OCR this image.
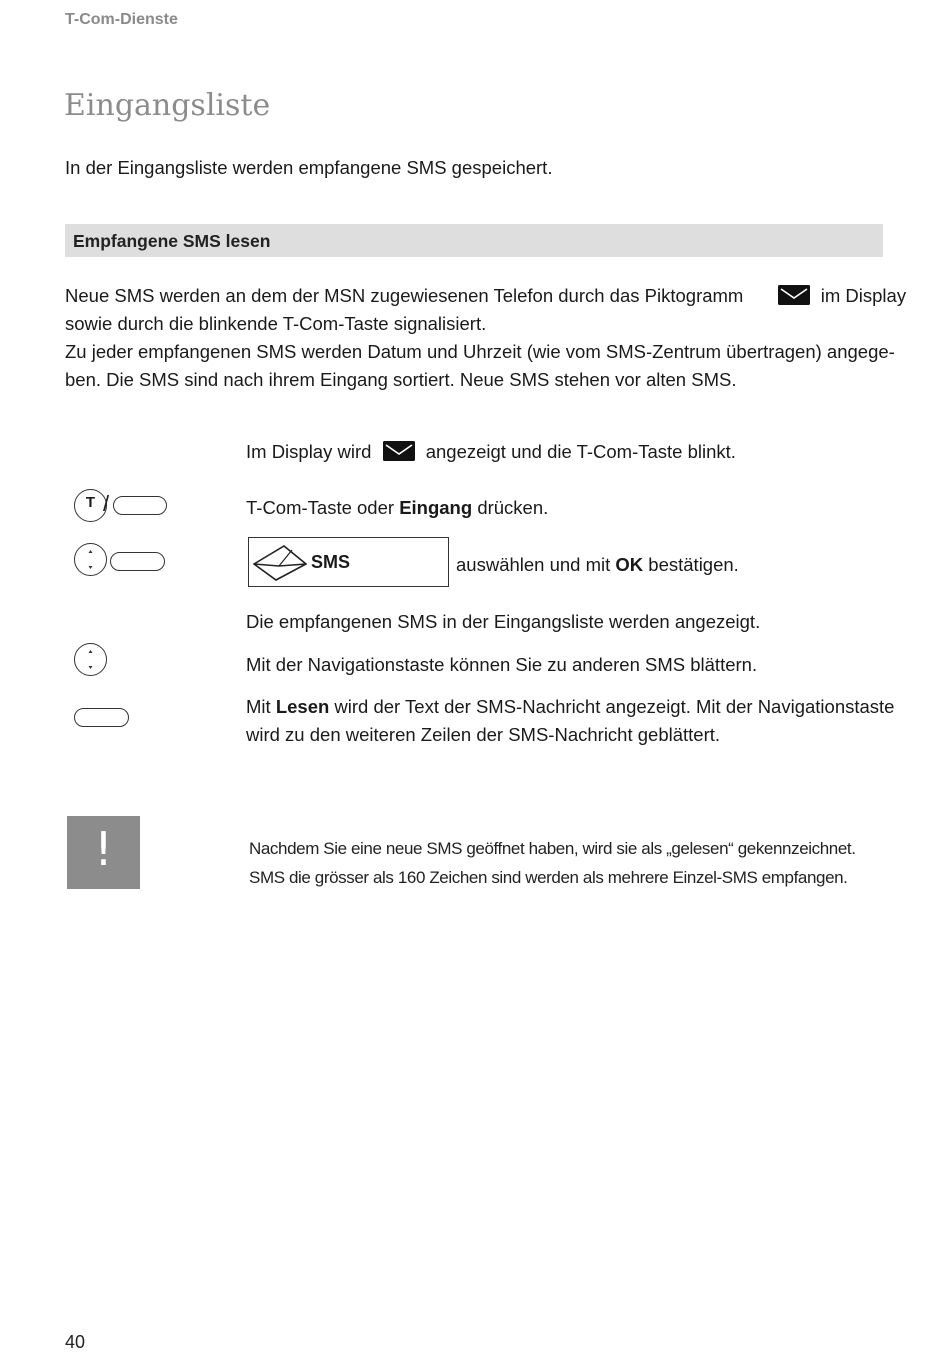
T-Com-Dienste
Eingangsliste
In der Eingangsliste werden empfangene SMS gespeichert.
Empfangene SMS lesen
Neue SMS werden an dem der MSN zugewiesenen Telefon durch das Piktogramm	im Display
sowie durch die blinkende T-Com-Taste signalisiert.
Zu jeder empfangenen SMS werden Datum und Uhrzeit (wie vom SMS-Zentrum übertragen) angege-
ben. Die SMS sind nach ihrem Eingang sortiert. Neue SMS stehen vor alten SMS.
Im Display wird	angezeigt und die T-Com-Taste blinkt.
T /	T-Com-Taste oder Eingang drücken.
SMS	auswählen und mit OK bestätigen.
Die empfangenen SMS in der Eingangsliste werden angezeigt.
Mit der Navigationstaste können Sie zu anderen SMS blättern.
Mit Lesen wird der Text der SMS-Nachricht angezeigt. Mit der Navigationstaste
wird zu den weiteren Zeilen der SMS-Nachricht geblättert.
!	Nachdem Sie eine neue SMS geöffnet haben, wird sie als „gelesen“ gekennzeichnet.
SMS die grösser als 160 Zeichen sind werden als mehrere Einzel-SMS empfangen.
40
